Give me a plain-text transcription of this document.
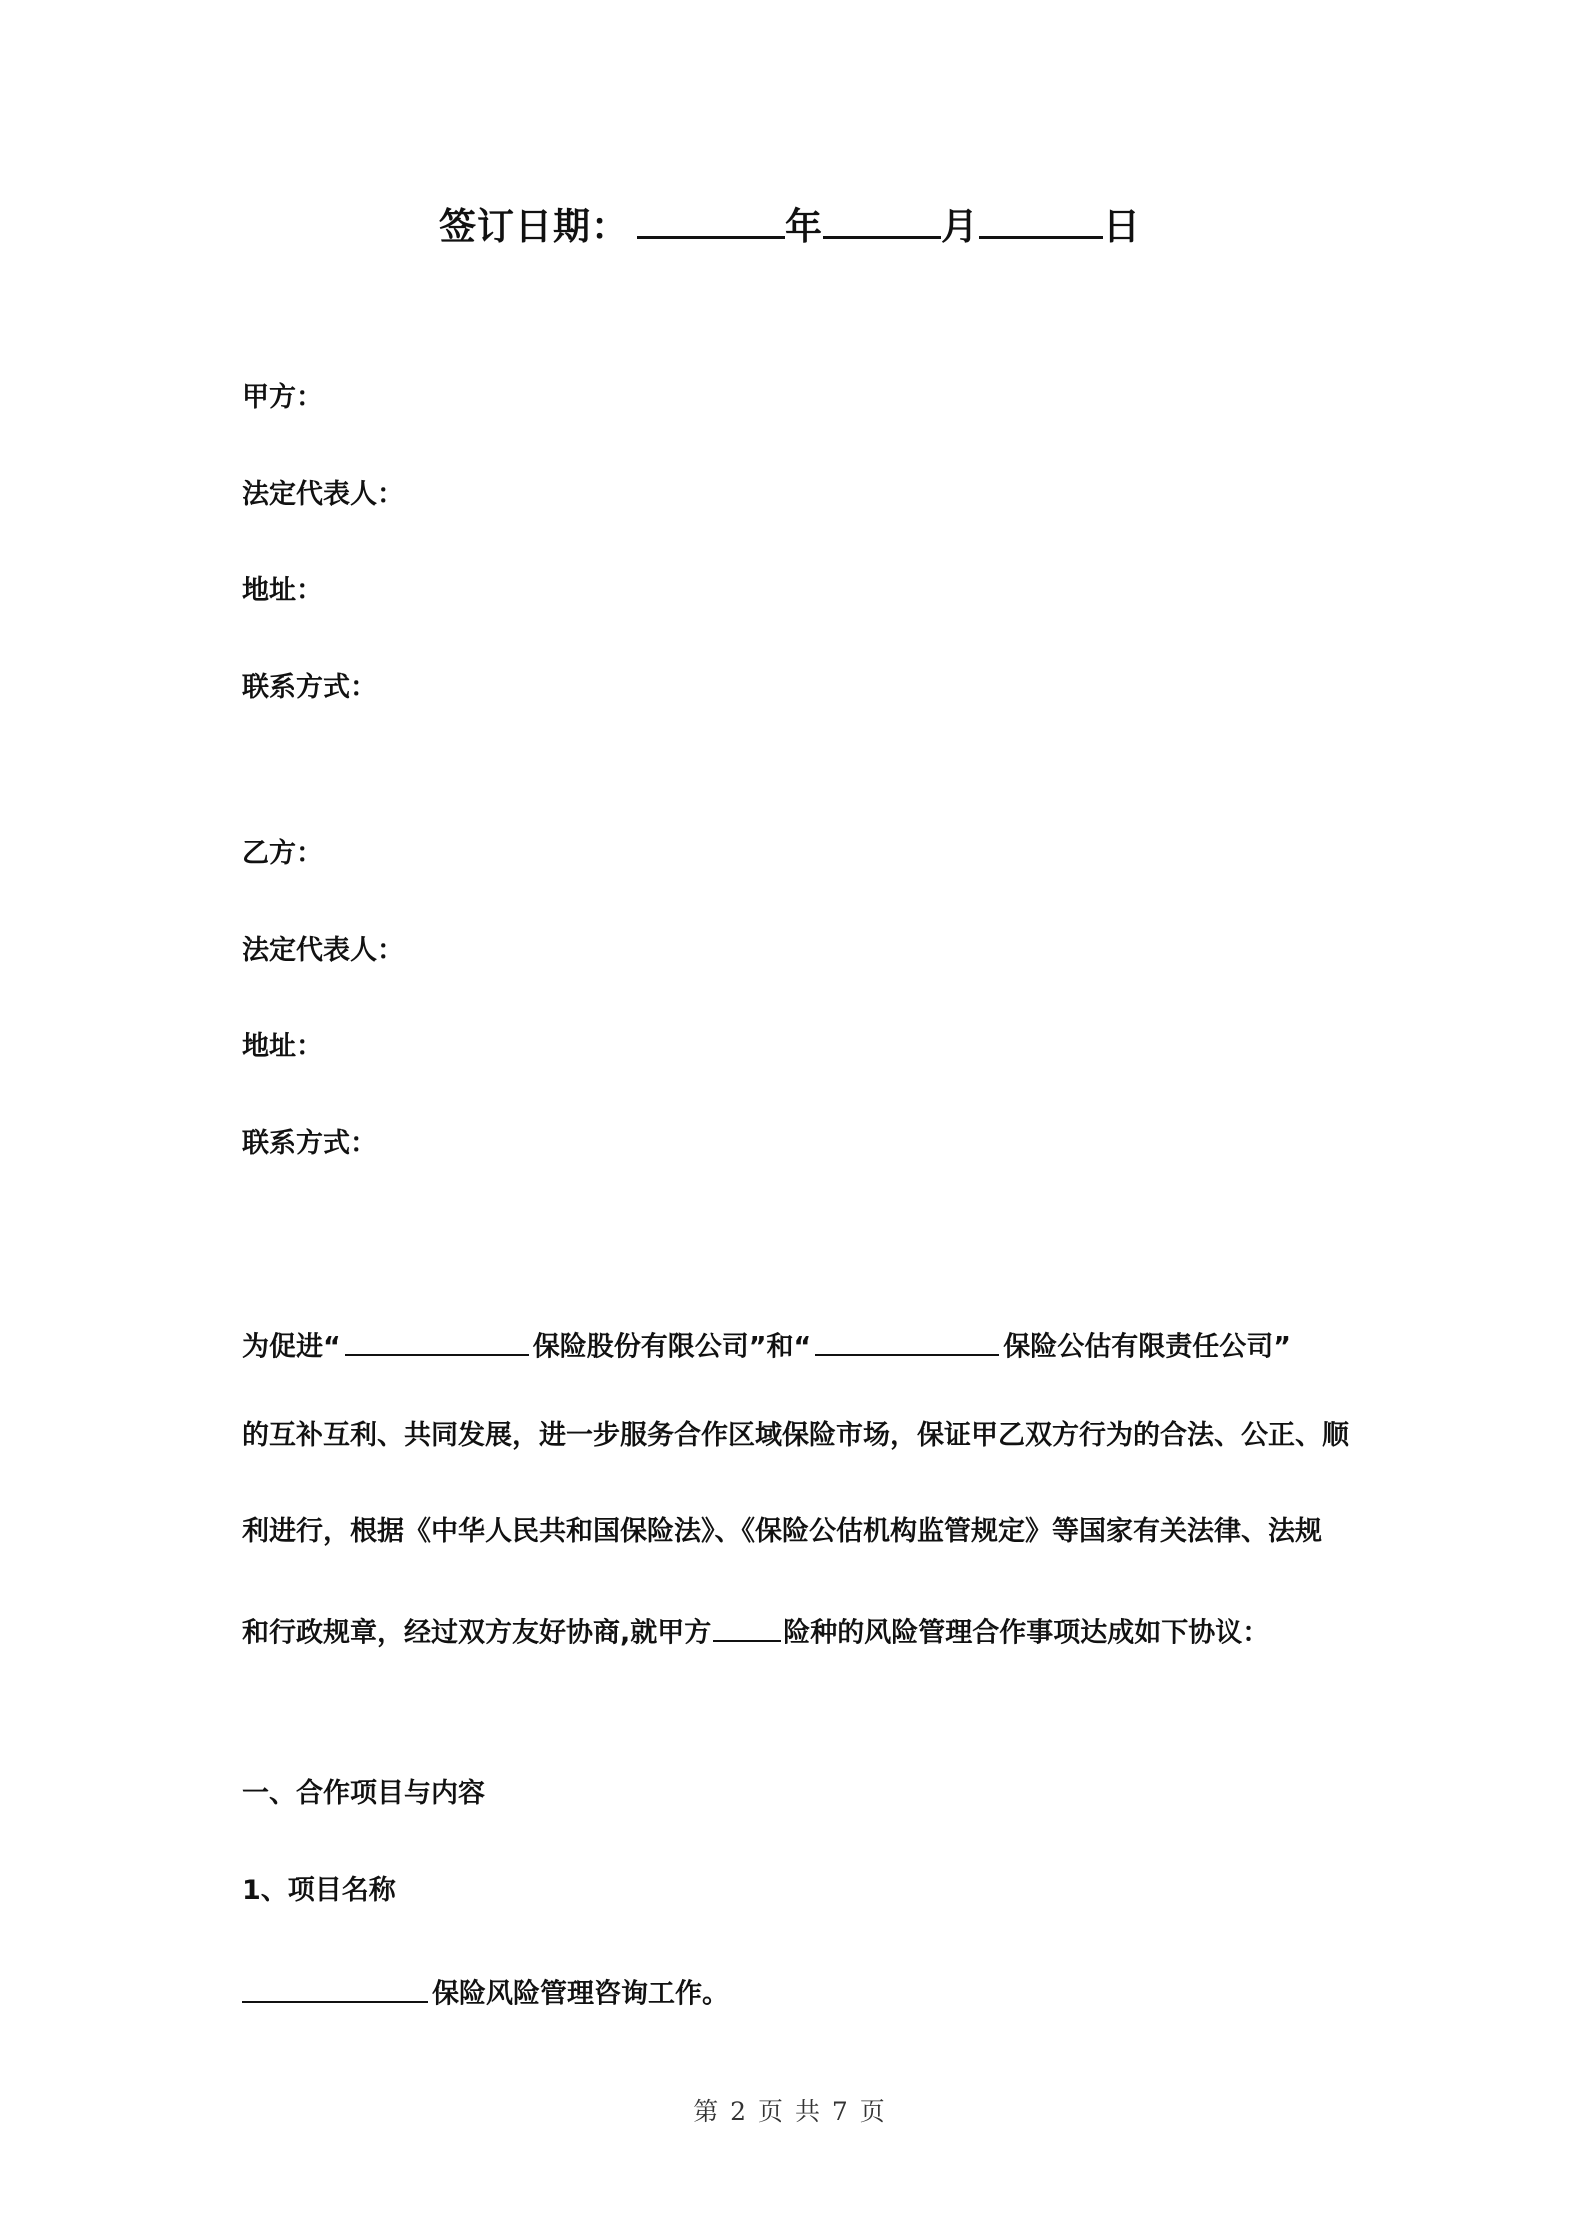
签订日期：	年	月	日
甲方：
法定代表人：
地址：
联系方式：
乙方：
法定代表人：
地址：
联系方式：
为促进“	保险股份有限公司”和“	保险公估有限责任公司”
的互补互利、共同发展，进一步服务合作区域保险市场，保证甲乙双方行为的合法、公正、顺
利进行，根据《中华人民共和国保险法》、《保险公估机构监管规定》等国家有关法律、法规
和行政规章，经过双方友好协商,就甲方	险种的风险管理合作事项达成如下协议：
一、合作项目与内容
1、项目名称
保险风险管理咨询工作。
第 2 页 共 7 页
